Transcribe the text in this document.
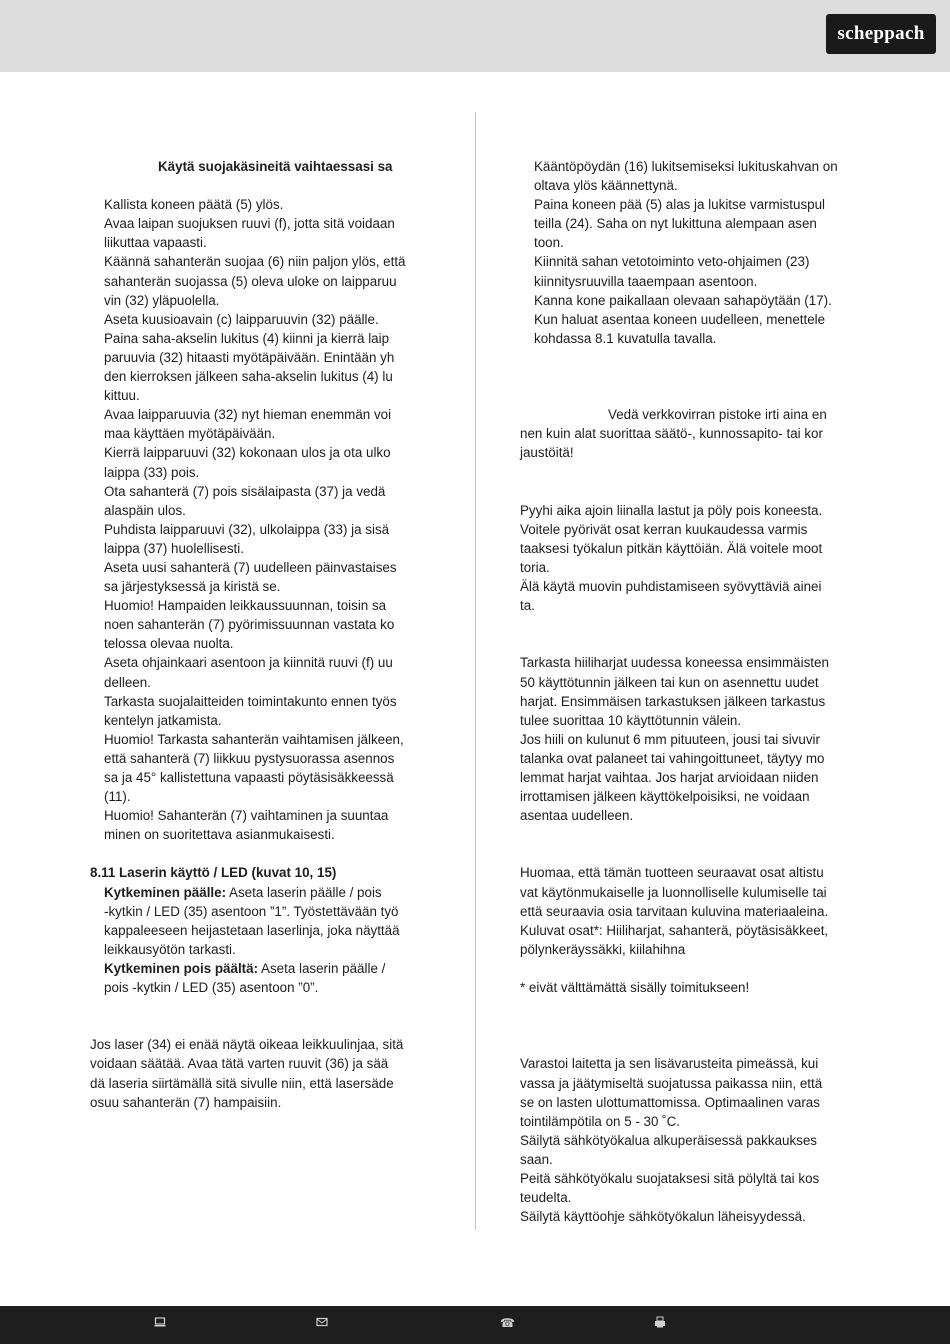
scheppach
Käytä suojakäsineitä vaihtaessasi sa
Kallista koneen päätä (5) ylös.
Avaa laipan suojuksen ruuvi (f), jotta sitä voidaan
liikuttaa vapaasti.
Käännä sahanterän suojaa (6) niin paljon ylös, että
sahanterän suojassa (5) oleva uloke on laipparuu
vin (32) yläpuolella.
Aseta kuusioavain (c) laipparuuvin (32) päälle.
Paina saha-akselin lukitus (4) kiinni ja kierrä laip
paruuvia (32) hitaasti myötäpäivään. Enintään yh
den kierroksen jälkeen saha-akselin lukitus (4) lu
kittuu.
Avaa laipparuuvia (32) nyt hieman enemmän voi
maa käyttäen myötäpäivään.
Kierrä laipparuuvi (32) kokonaan ulos ja ota ulko
laippa (33) pois.
Ota sahanterä (7) pois sisälaipasta (37) ja vedä
alaspäin ulos.
Puhdista laipparuuvi (32), ulkolaippa (33) ja sisä
laippa (37) huolellisesti.
Aseta uusi sahanterä (7) uudelleen päinvastaises
sa järjestyksessä ja kiristä se.
Huomio! Hampaiden leikkaussuunnan, toisin sa
noen sahanterän (7) pyörimissuunnan vastata ko
telossa olevaa nuolta.
Aseta ohjainkaari asentoon ja kiinnitä ruuvi (f) uu
delleen.
Tarkasta suojalaitteiden toimintakunto ennen työs
kentelyn jatkamista.
Huomio! Tarkasta sahanterän vaihtamisen jälkeen,
että sahanterä (7) liikkuu pystysuorassa asennos
sa ja 45° kallistettuna vapaasti pöytäsisäkkeessä
(11).
Huomio! Sahanterän (7) vaihtaminen ja suuntaa
minen on suoritettava asianmukaisesti.
8.11 Laserin käyttö / LED (kuvat 10, 15)
Kytkeminen päälle: Aseta laserin päälle / pois
-kytkin / LED (35) asentoon ”1”. Työstettävään työ
kappaleeseen heijastetaan laserlinja, joka näyttää
leikkausyötön tarkasti.
Kytkeminen pois päältä: Aseta laserin päälle /
pois -kytkin / LED (35) asentoon ”0”.
Jos laser (34) ei enää näytä oikeaa leikkuulinjaa, sitä
voidaan säätää. Avaa tätä varten ruuvit (36) ja sää
dä laseria siirtämällä sitä sivulle niin, että lasersäde
osuu sahanterän (7) hampaisiin.
Kääntöpöydän (16) lukitsemiseksi lukituskahvan on
oltava ylös käännettynä.
Paina koneen pää (5) alas ja lukitse varmistuspul
teilla (24). Saha on nyt lukittuna alempaan asen
toon.
Kiinnitä sahan vetotoiminto veto-ohjaimen (23)
kiinnitysruuvilla taaempaan asentoon.
Kanna kone paikallaan olevaan sahapöytään (17).
Kun haluat asentaa koneen uudelleen, menettele
kohdassa 8.1 kuvatulla tavalla.
Vedä verkkovirran pistoke irti aina en
nen kuin alat suorittaa säätö-, kunnossapito- tai kor
jaustöitä!
Pyyhi aika ajoin liinalla lastut ja pöly pois koneesta.
Voitele pyörivät osat kerran kuukaudessa varmis
taaksesi työkalun pitkän käyttöiän. Älä voitele moot
toria.
Älä käytä muovin puhdistamiseen syövyttäviä ainei
ta.
Tarkasta hiiliharjat uudessa koneessa ensimmäisten
50 käyttötunnin jälkeen tai kun on asennettu uudet
harjat. Ensimmäisen tarkastuksen jälkeen tarkastus
tulee suorittaa 10 käyttötunnin välein.
Jos hiili on kulunut 6 mm pituuteen, jousi tai sivuvir
talanka ovat palaneet tai vahingoittuneet, täytyy mo
lemmat harjat vaihtaa. Jos harjat arvioidaan niiden
irrottamisen jälkeen käyttökelpoisiksi, ne voidaan
asentaa uudelleen.
Huomaa, että tämän tuotteen seuraavat osat altistu
vat käytönmukaiselle ja luonnolliselle kulumiselle tai
että seuraavia osia tarvitaan kuluvina materiaaleina.
Kuluvat osat*: Hiiliharjat, sahanterä, pöytäsisäkkeet,
pölynkeräyssäkki, kiilahihna
* eivät välttämättä sisälly toimitukseen!
Varastoi laitetta ja sen lisävarusteita pimeässä, kui
vassa ja jäätymiseltä suojatussa paikassa niin, että
se on lasten ulottumattomissa. Optimaalinen varas
tointilämpötila on 5 - 30 ˚C.
Säilytä sähkötyökalua alkuperäisessä pakkaukses
saan.
Peitä sähkötyökalu suojataksesi sitä pölyltä tai kos
teudelta.
Säilytä käyttöohje sähkötyökalun läheisyydessä.
☎
